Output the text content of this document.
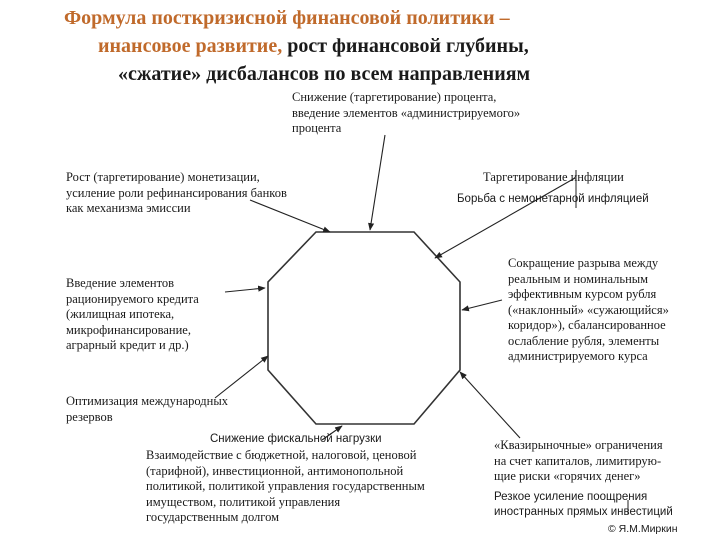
Формула посткризисной финансовой политики –
инансовое развитие, рост финансовой глубины,
«сжатие» дисбалансов по всем направлениям
Снижение (таргетирование) процента,
введение элементов «администрируемого»
процента
Рост (таргетирование) монетизации,
усиление роли рефинансирования банков
как механизма эмиссии
Таргетирование инфляции
Борьба с немонетарной инфляцией
Введение элементов
рационируемого кредита
(жилищная ипотека,
микрофинансирование,
аграрный кредит и др.)
Сокращение разрыва между
реальным и номинальным
эффективным курсом рубля
(«наклонный» «сужающийся»
коридор»), сбалансированное
ослабление рубля, элементы
администрируемого курса
Оптимизация международных
резервов
Снижение фискальной нагрузки
Взаимодействие с бюджетной, налоговой, ценовой
(тарифной), инвестиционной, антимонопольной
политикой, политикой управления государственным
имуществом, политикой управления
государственным долгом
«Квазирыночные» ограничения
на счет капиталов, лимитирую-
щие риски «горячих денег»
Резкое усиление поощрения
иностранных прямых инвестиций
© Я.М.Миркин
